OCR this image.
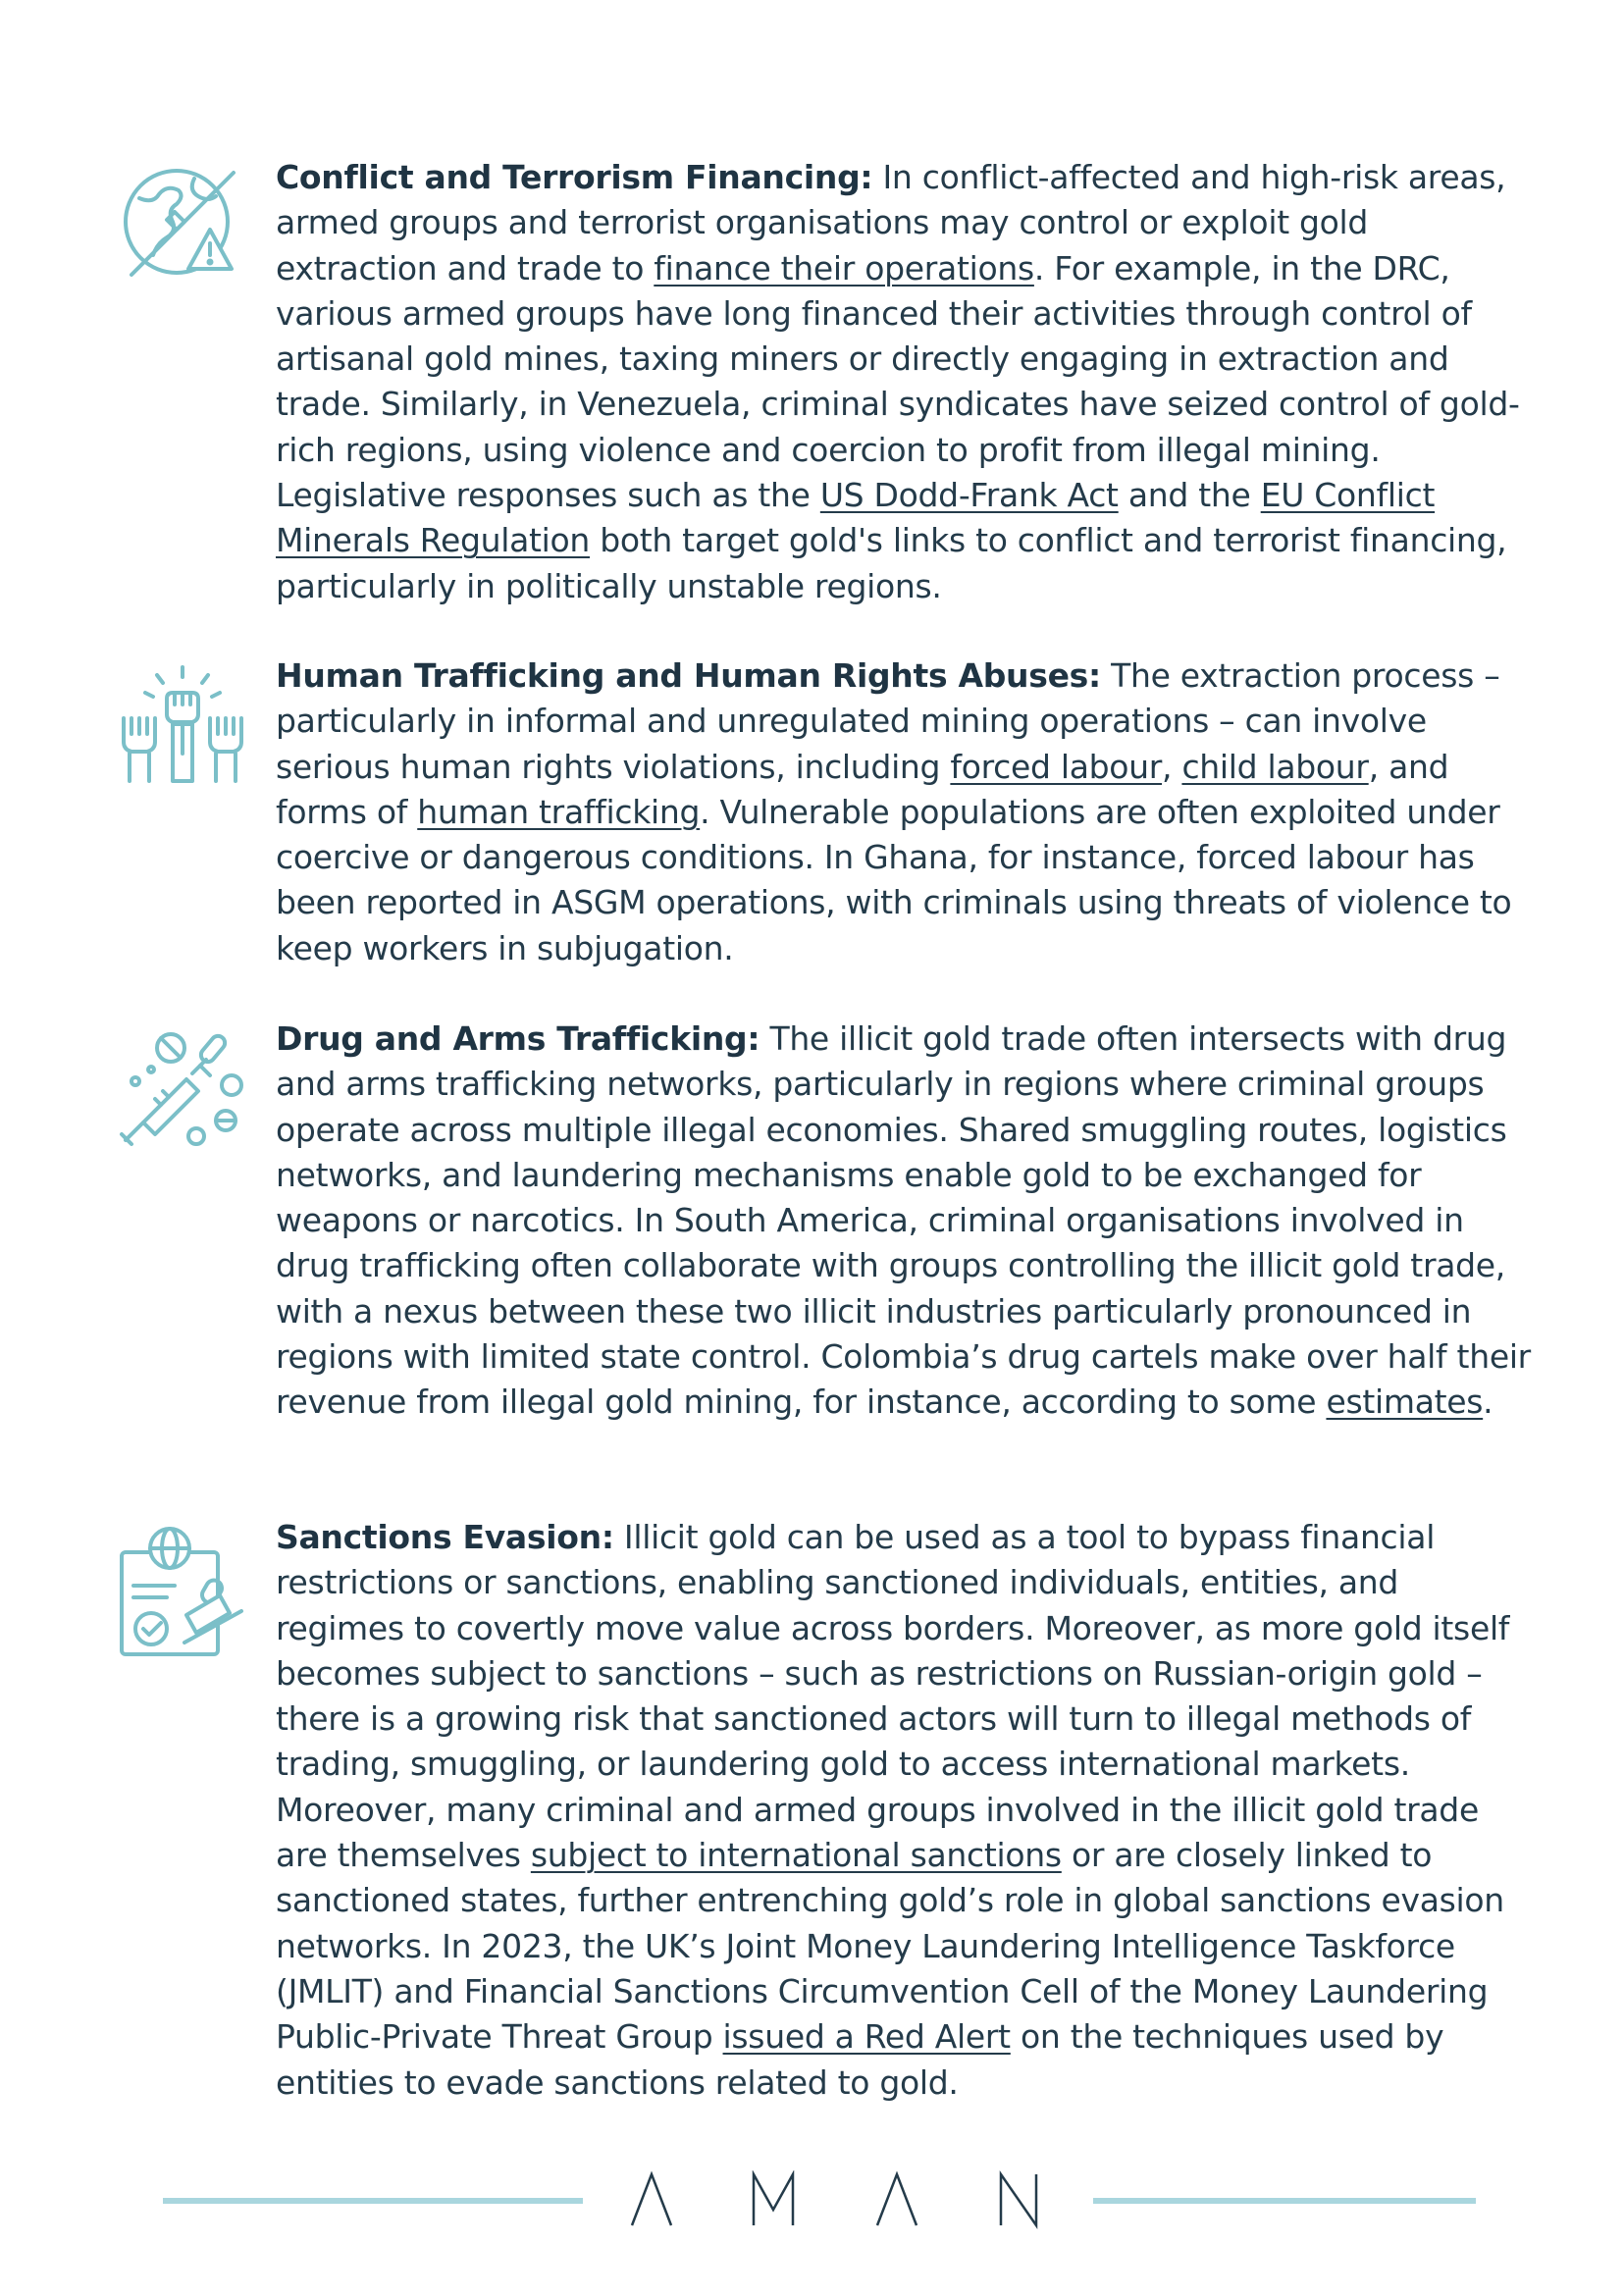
Conflict and Terrorism Financing: In conflict-affected and high-risk areas, armed groups and terrorist organisations may control or exploit gold extraction and trade to finance their operations. For example, in the DRC, various armed groups have long financed their activities through control of artisanal gold mines, taxing miners or directly engaging in extraction and trade. Similarly, in Venezuela, criminal syndicates have seized control of gold-rich regions, using violence and coercion to profit from illegal mining. Legislative responses such as the US Dodd-Frank Act and the EU Conflict Minerals Regulation both target gold's links to conflict and terrorist financing, particularly in politically unstable regions.

Human Trafficking and Human Rights Abuses: The extraction process – particularly in informal and unregulated mining operations – can involve serious human rights violations, including forced labour, child labour, and forms of human trafficking. Vulnerable populations are often exploited under coercive or dangerous conditions. In Ghana, for instance, forced labour has been reported in ASGM operations, with criminals using threats of violence to keep workers in subjugation.

Drug and Arms Trafficking: The illicit gold trade often intersects with drug and arms trafficking networks, particularly in regions where criminal groups operate across multiple illegal economies. Shared smuggling routes, logistics networks, and laundering mechanisms enable gold to be exchanged for weapons or narcotics. In South America, criminal organisations involved in drug trafficking often collaborate with groups controlling the illicit gold trade, with a nexus between these two illicit industries particularly pronounced in regions with limited state control. Colombia’s drug cartels make over half their revenue from illegal gold mining, for instance, according to some estimates.

Sanctions Evasion: Illicit gold can be used as a tool to bypass financial restrictions or sanctions, enabling sanctioned individuals, entities, and regimes to covertly move value across borders. Moreover, as more gold itself becomes subject to sanctions – such as restrictions on Russian-origin gold – there is a growing risk that sanctioned actors will turn to illegal methods of trading, smuggling, or laundering gold to access international markets. Moreover, many criminal and armed groups involved in the illicit gold trade are themselves subject to international sanctions or are closely linked to sanctioned states, further entrenching gold’s role in global sanctions evasion networks. In 2023, the UK’s Joint Money Laundering Intelligence Taskforce (JMLIT) and Financial Sanctions Circumvention Cell of the Money Laundering Public-Private Threat Group issued a Red Alert on the techniques used by entities to evade sanctions related to gold.
